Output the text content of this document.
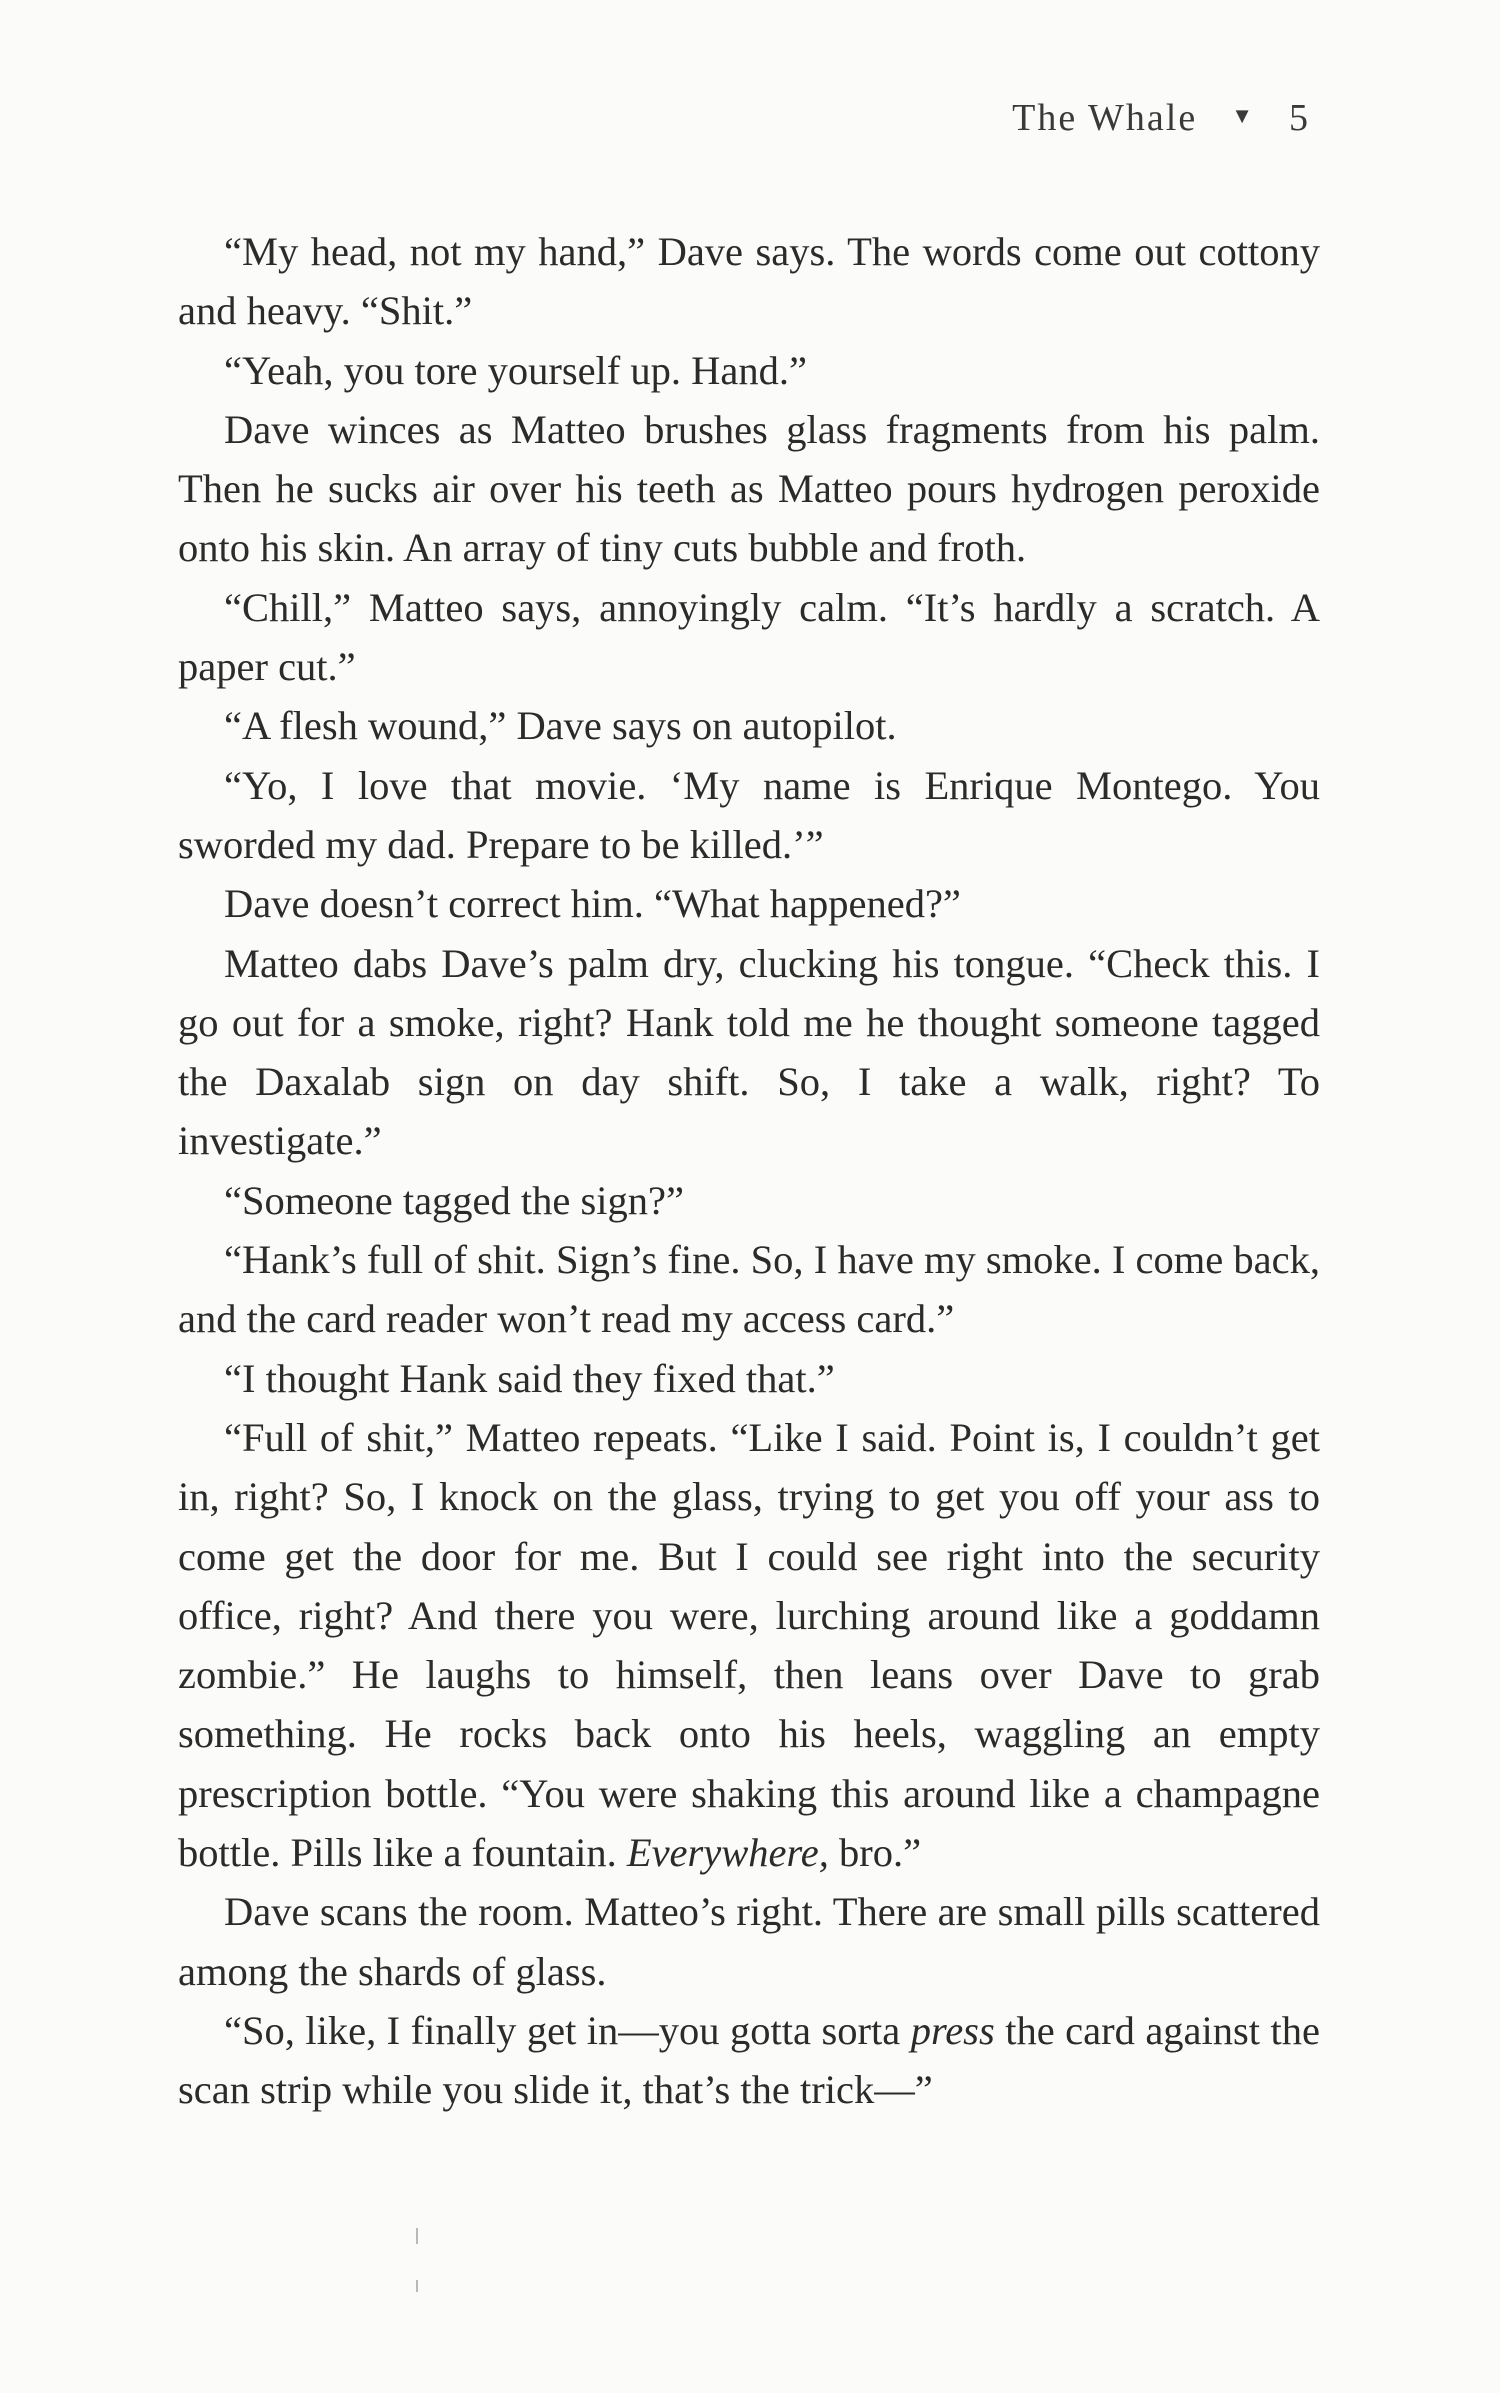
The Whale ▼ 5

“My head, not my hand,” Dave says. The words come out cottony and heavy. “Shit.”

“Yeah, you tore yourself up. Hand.”

Dave winces as Matteo brushes glass fragments from his palm. Then he sucks air over his teeth as Matteo pours hydrogen peroxide onto his skin. An array of tiny cuts bubble and froth.

“Chill,” Matteo says, annoyingly calm. “It’s hardly a scratch. A paper cut.”

“A flesh wound,” Dave says on autopilot.

“Yo, I love that movie. ‘My name is Enrique Montego. You sworded my dad. Prepare to be killed.’”

Dave doesn’t correct him. “What happened?”

Matteo dabs Dave’s palm dry, clucking his tongue. “Check this. I go out for a smoke, right? Hank told me he thought someone tagged the Daxalab sign on day shift. So, I take a walk, right? To investigate.”

“Someone tagged the sign?”

“Hank’s full of shit. Sign’s fine. So, I have my smoke. I come back, and the card reader won’t read my access card.”

“I thought Hank said they fixed that.”

“Full of shit,” Matteo repeats. “Like I said. Point is, I couldn’t get in, right? So, I knock on the glass, trying to get you off your ass to come get the door for me. But I could see right into the security office, right? And there you were, lurching around like a goddamn zombie.” He laughs to himself, then leans over Dave to grab something. He rocks back onto his heels, waggling an empty prescription bottle. “You were shaking this around like a champagne bottle. Pills like a fountain. Everywhere, bro.”

Dave scans the room. Matteo’s right. There are small pills scattered among the shards of glass.

“So, like, I finally get in—you gotta sorta press the card against the scan strip while you slide it, that’s the trick—”
